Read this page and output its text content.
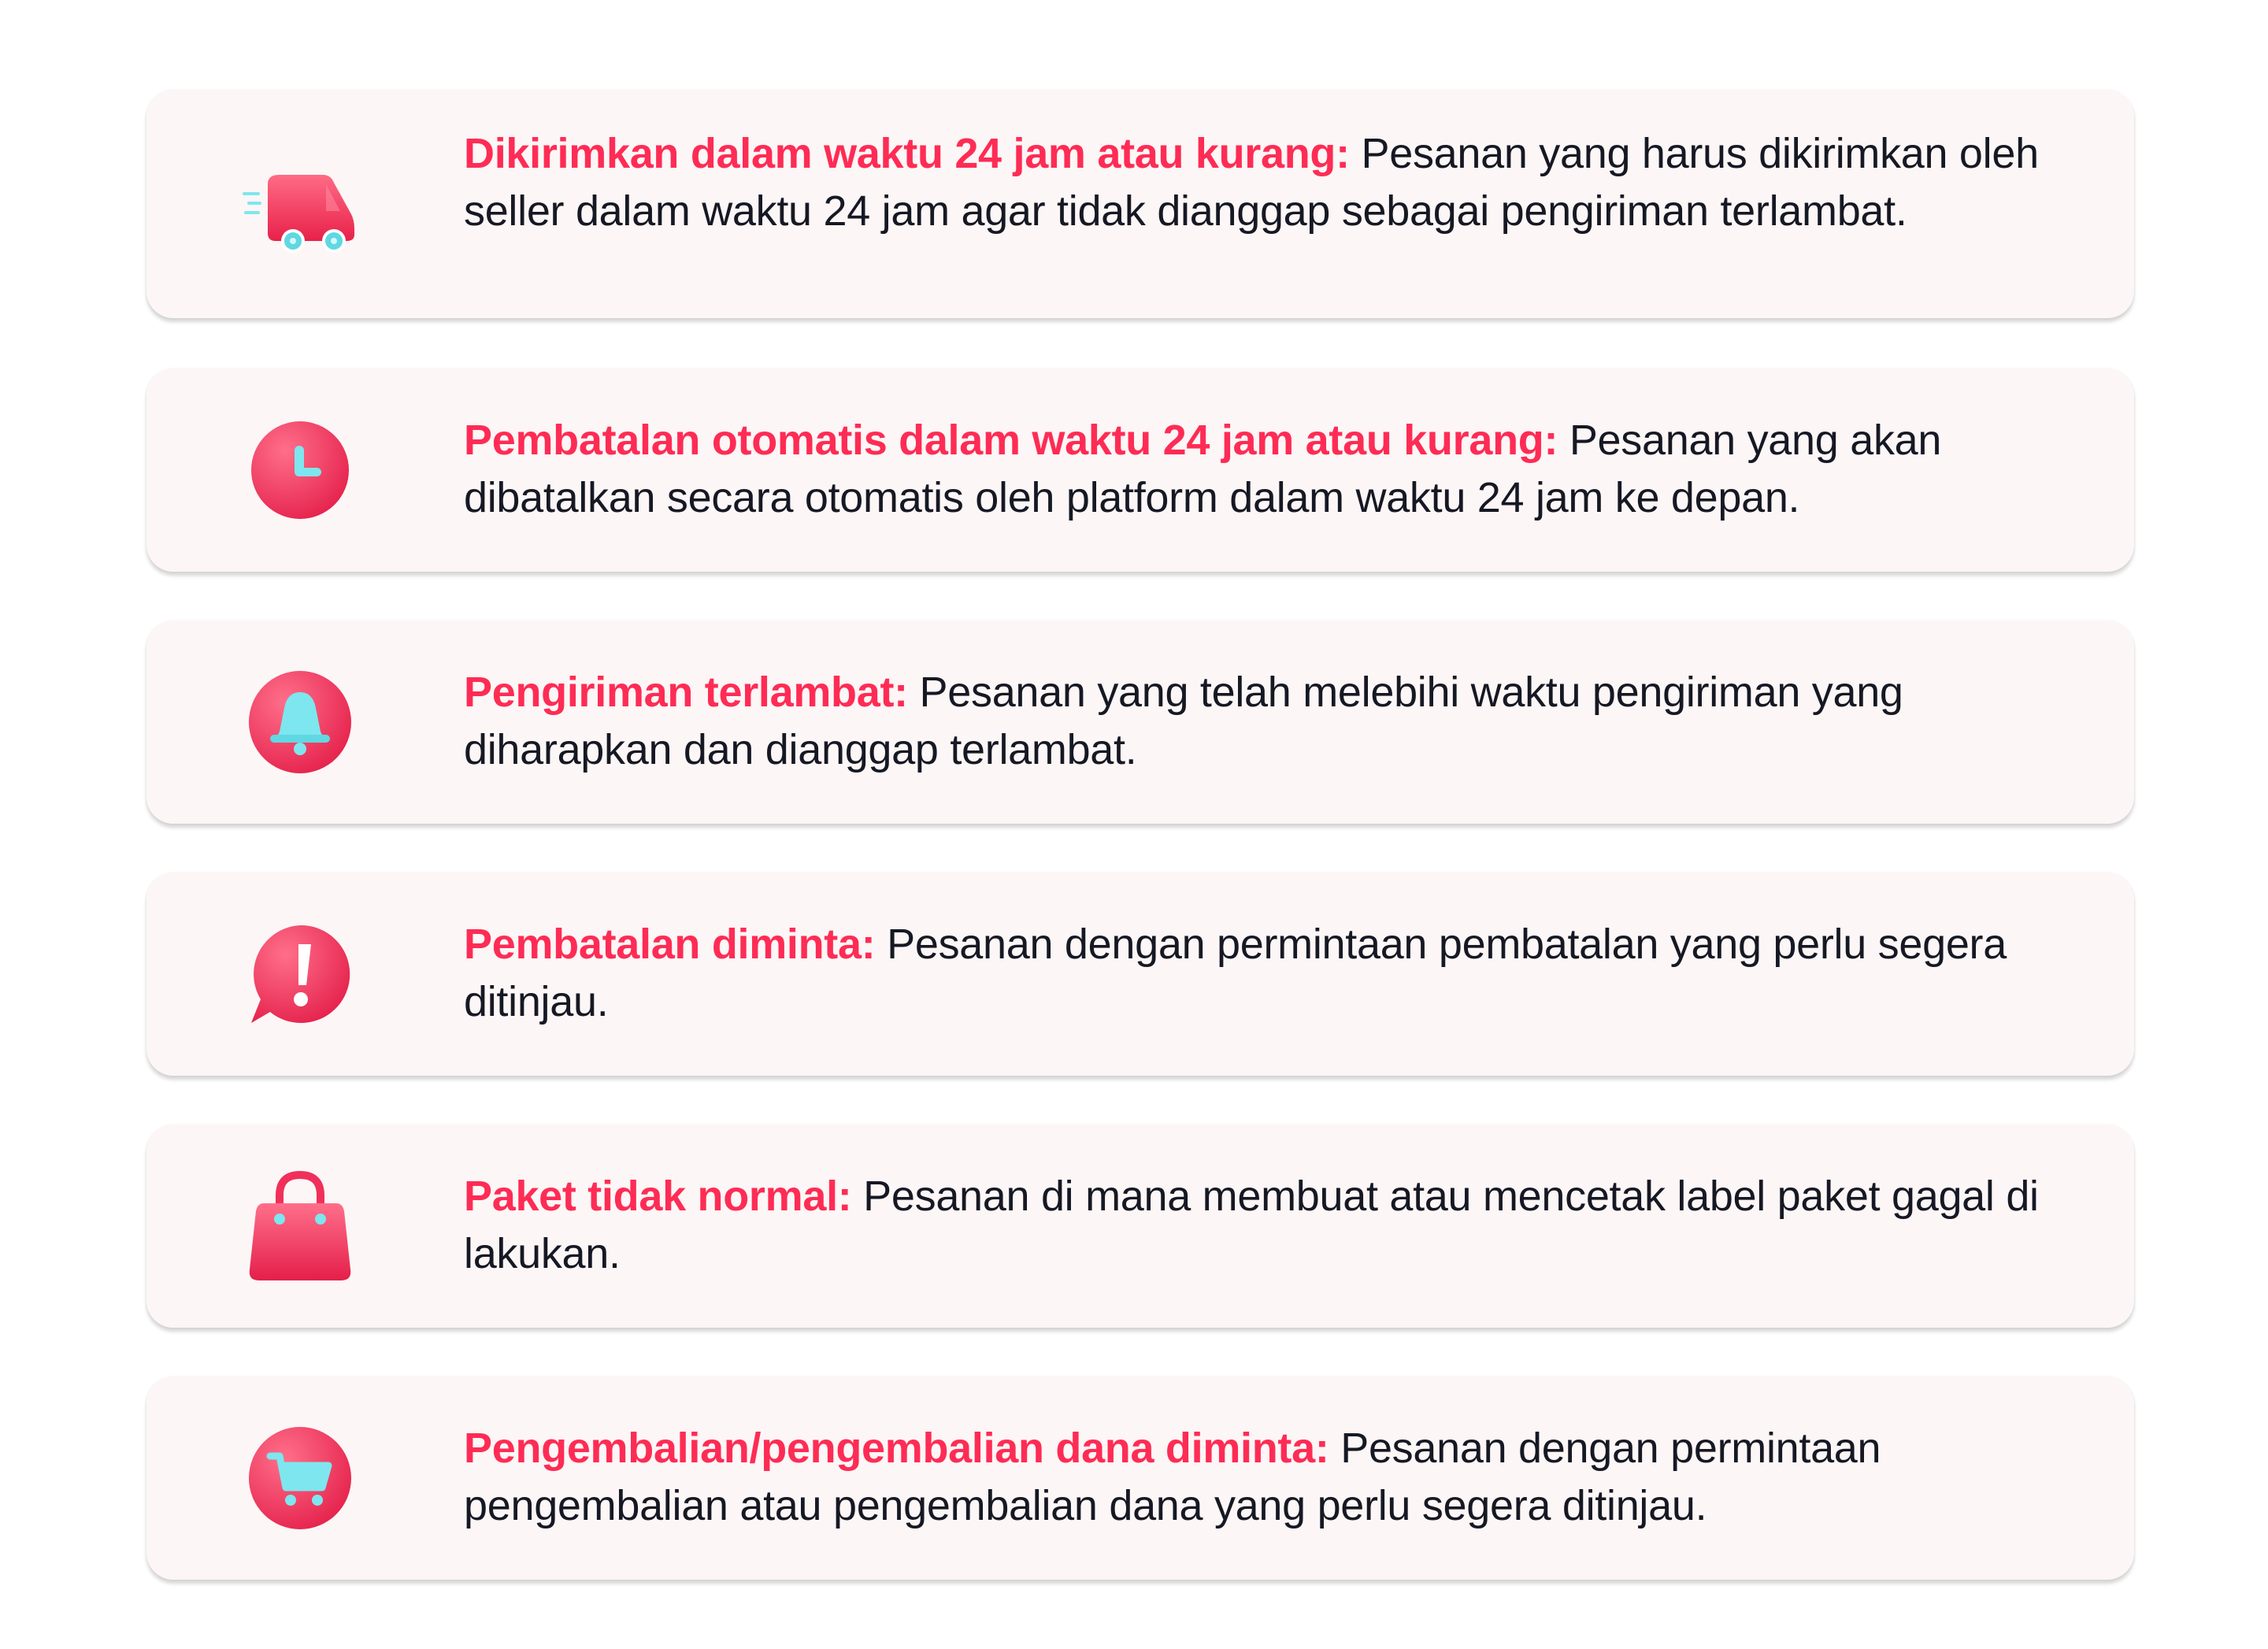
Dikirimkan dalam waktu 24 jam atau kurang: Pesanan yang harus dikirimkan oleh seller dalam waktu 24 jam agar tidak dianggap sebagai pengiriman terlambat.
Pembatalan otomatis dalam waktu 24 jam atau kurang: Pesanan yang akan dibatalkan secara otomatis oleh platform dalam waktu 24 jam ke depan.
Pengiriman terlambat: Pesanan yang telah melebihi waktu pengiriman yang diharapkan dan dianggap terlambat.
Pembatalan diminta: Pesanan dengan permintaan pembatalan yang perlu segera ditinjau.
Paket tidak normal: Pesanan di mana membuat atau mencetak label paket gagal di lakukan.
Pengembalian/pengembalian dana diminta: Pesanan dengan permintaan pengembalian atau pengembalian dana yang perlu segera ditinjau.
